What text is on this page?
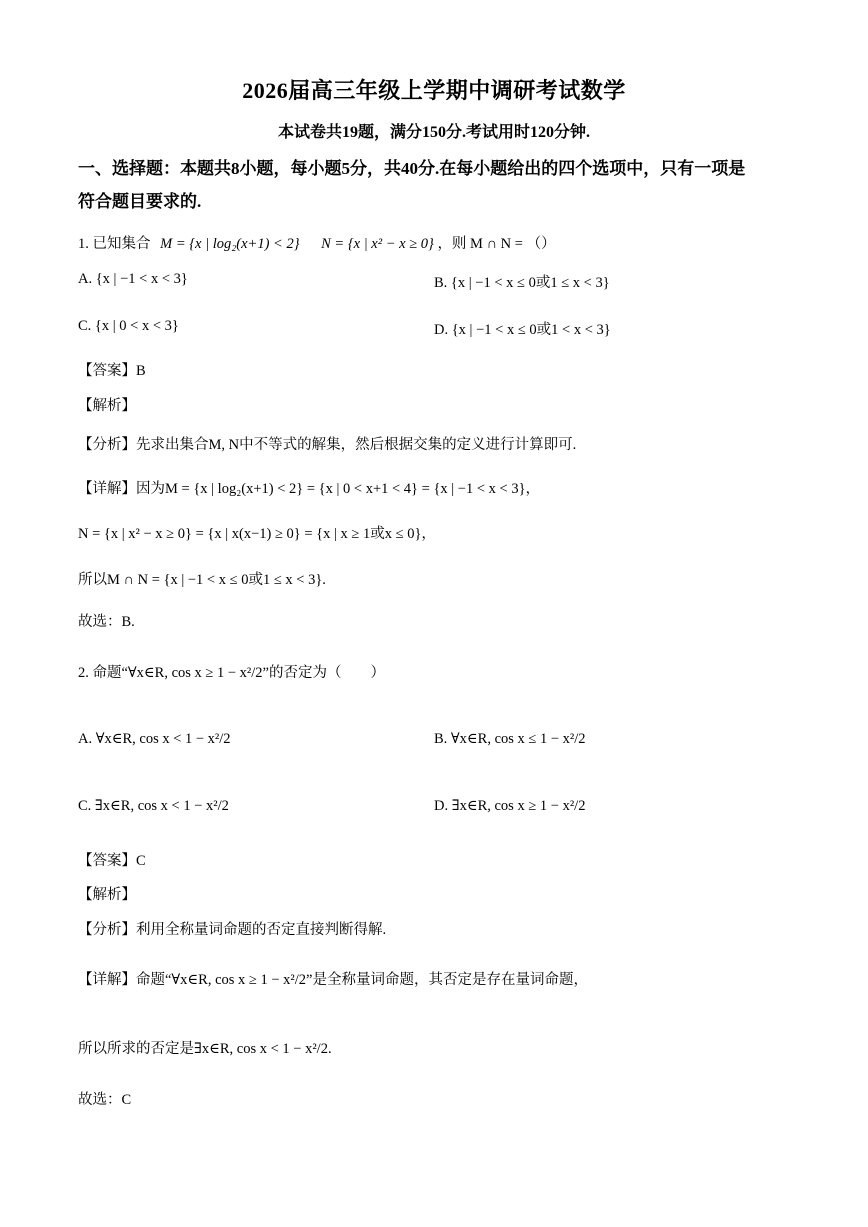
2026届高三年级上学期中调研考试数学
本试卷共19题，满分150分.考试用时120分钟.
一、选择题：本题共8小题，每小题5分，共40分.在每小题给出的四个选项中，只有一项是
符合题目要求的.
1. 已知集合 M = {x | log₂(x+1) < 2} N = {x | x² − x ≥ 0} ，则 M ∩ N = （）
A. {x | −1 < x < 3}	B. {x | −1 < x ≤ 0或1 ≤ x < 3}
C. {x | 0 < x < 3}	D. {x | −1 < x ≤ 0或1 < x < 3}
【答案】B
【解析】
【分析】先求出集合M, N中不等式的解集，然后根据交集的定义进行计算即可.
【详解】因为M = {x | log₂(x+1) < 2} = {x | 0 < x+1 < 4} = {x | −1 < x < 3}，
N = {x | x² − x ≥ 0} = {x | x(x−1) ≥ 0} = {x | x ≥ 1或x ≤ 0}，
所以M ∩ N = {x | −1 < x ≤ 0或1 ≤ x < 3}.
故选：B.
2. 命题“∀x∈R, cos x ≥ 1 − x²/2”的否定为（　　）
A. ∀x∈R, cos x < 1 − x²/2	B. ∀x∈R, cos x ≤ 1 − x²/2
C. ∃x∈R, cos x < 1 − x²/2	D. ∃x∈R, cos x ≥ 1 − x²/2
【答案】C
【解析】
【分析】利用全称量词命题的否定直接判断得解.
【详解】命题“∀x∈R, cos x ≥ 1 − x²/2”是全称量词命题，其否定是存在量词命题，
所以所求的否定是∃x∈R, cos x < 1 − x²/2.
故选：C
